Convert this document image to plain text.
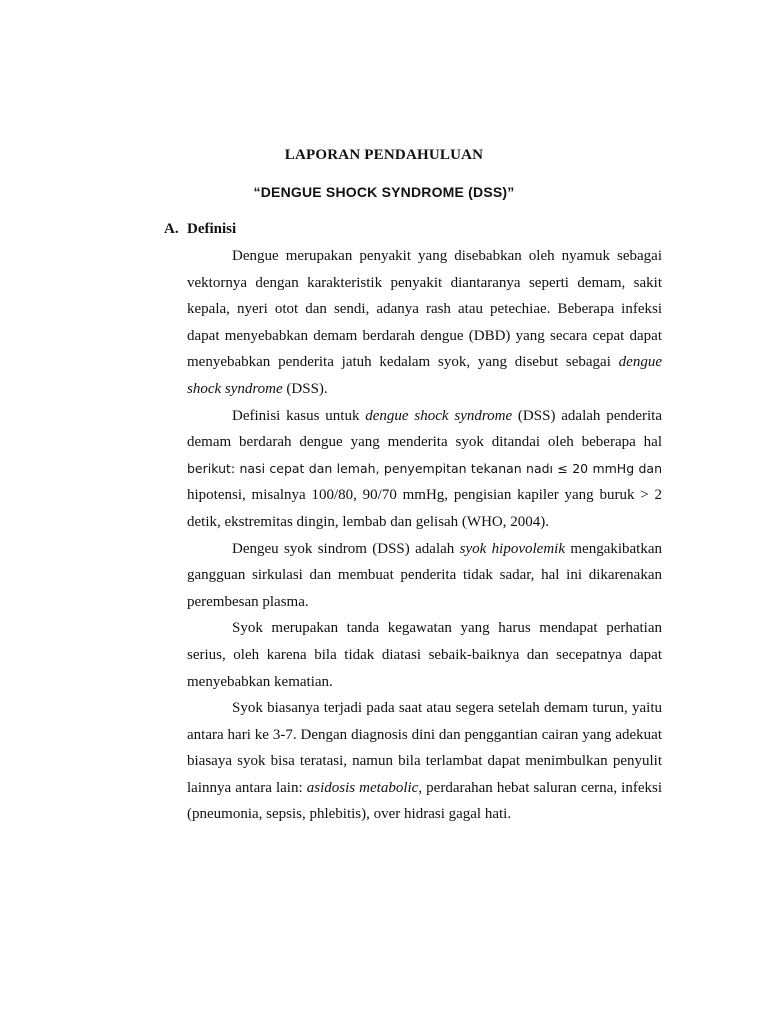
LAPORAN PENDAHULUAN
“DENGUE SHOCK SYNDROME (DSS)”
A. Definisi

Dengue merupakan penyakit yang disebabkan oleh nyamuk sebagai vektornya dengan karakteristik penyakit diantaranya seperti demam, sakit kepala, nyeri otot dan sendi, adanya rash atau petechiae. Beberapa infeksi dapat menyebabkan demam berdarah dengue (DBD) yang secara cepat dapat menyebabkan penderita jatuh kedalam syok, yang disebut sebagai dengue shock syndrome (DSS).

Definisi kasus untuk dengue shock syndrome (DSS) adalah penderita demam berdarah dengue yang menderita syok ditandai oleh beberapa hal berikut: nasi cepat dan lemah, penyempitan tekanan nadı ≤ 20 mmHg dan hipotensi, misalnya 100/80, 90/70 mmHg, pengisian kapiler yang buruk > 2 detik, ekstremitas dingin, lembab dan gelisah (WHO, 2004).

Dengeu syok sindrom (DSS) adalah syok hipovolemik mengakibatkan gangguan sirkulasi dan membuat penderita tidak sadar, hal ini dikarenakan perembesan plasma.

Syok merupakan tanda kegawatan yang harus mendapat perhatian serius, oleh karena bila tidak diatasi sebaik-baiknya dan secepatnya dapat menyebabkan kematian.

Syok biasanya terjadi pada saat atau segera setelah demam turun, yaitu antara hari ke 3-7. Dengan diagnosis dini dan penggantian cairan yang adekuat biasaya syok bisa teratasi, namun bila terlambat dapat menimbulkan penyulit lainnya antara lain: asidosis metabolic, perdarahan hebat saluran cerna, infeksi (pneumonia, sepsis, phlebitis), over hidrasi gagal hati.
